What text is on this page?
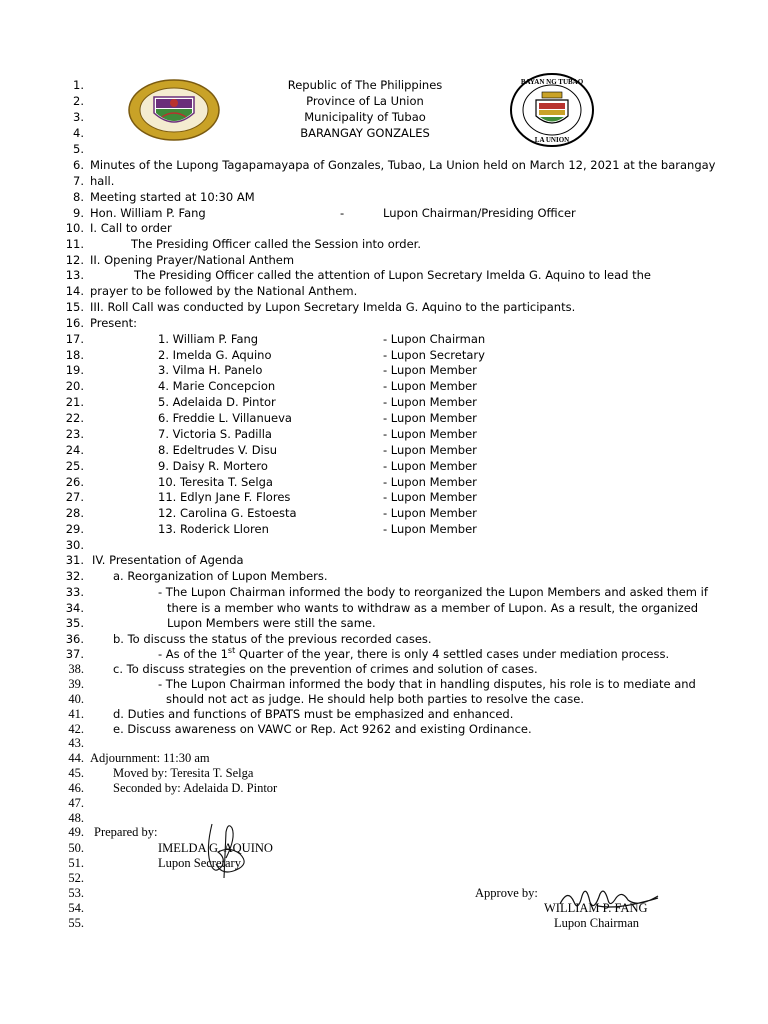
BAYAN NG TUBAO
LA UNION
Republic of The Philippines
Province of La Union
Municipality of Tubao
BARANGAY GONZALES
1.
2.
3.
4.
5.
6.
7.
8.
9.
10.
11.
12.
13.
14.
15.
16.
17.
18.
19.
20.
21.
22.
23.
24.
25.
26.
27.
28.
29.
30.
31.
32.
33.
34.
35.
36.
37.
38.
39.
40.
41.
42.
43.
44.
45.
46.
47.
48.
49.
50.
51.
52.
53.
54.
55.
Minutes of the Lupong Tagapamayapa of Gonzales, Tubao, La Union held on March 12, 2021 at the barangay
hall.
Meeting started at 10:30 AM
Hon. William P. Fang	-	Lupon Chairman/Presiding Officer
I. Call to order
The Presiding Officer called the Session into order.
II. Opening Prayer/National Anthem
The Presiding Officer called the attention of Lupon Secretary Imelda G. Aquino to lead the
prayer to be followed by the National Anthem.
III. Roll Call was conducted by Lupon Secretary Imelda G. Aquino to the participants.
Present:
1. William P. Fang	- Lupon Chairman
2. Imelda G. Aquino	- Lupon Secretary
3. Vilma H. Panelo	- Lupon Member
4. Marie Concepcion	- Lupon Member
5. Adelaida D. Pintor	- Lupon Member
6. Freddie L. Villanueva	- Lupon Member
7. Victoria S. Padilla	- Lupon Member
8. Edeltrudes V. Disu	- Lupon Member
9. Daisy R. Mortero	- Lupon Member
10. Teresita T. Selga	- Lupon Member
11. Edlyn Jane F. Flores	- Lupon Member
12. Carolina G. Estoesta	- Lupon Member
13. Roderick Lloren	- Lupon Member
IV. Presentation of Agenda
a. Reorganization of Lupon Members.
- The Lupon Chairman informed the body to reorganized the Lupon Members and asked them if
there is a member who wants to withdraw as a member of Lupon. As a result, the organized
Lupon Members were still the same.
b. To discuss the status of the previous recorded cases.
- As of the 1st Quarter of the year, there is only 4 settled cases under mediation process.
c. To discuss strategies on the prevention of crimes and solution of cases.
- The Lupon Chairman informed the body that in handling disputes, his role is to mediate and
should not act as judge. He should help both parties to resolve the case.
d. Duties and functions of BPATS must be emphasized and enhanced.
e. Discuss awareness on VAWC or Rep. Act 9262 and existing Ordinance.
Adjournment: 11:30 am
Moved by: Teresita T. Selga
Seconded by: Adelaida D. Pintor
Prepared by:
IMELDA G. AQUINO
Lupon Secretary
Approve by:
WILLIAM P. FANG
Lupon Chairman
